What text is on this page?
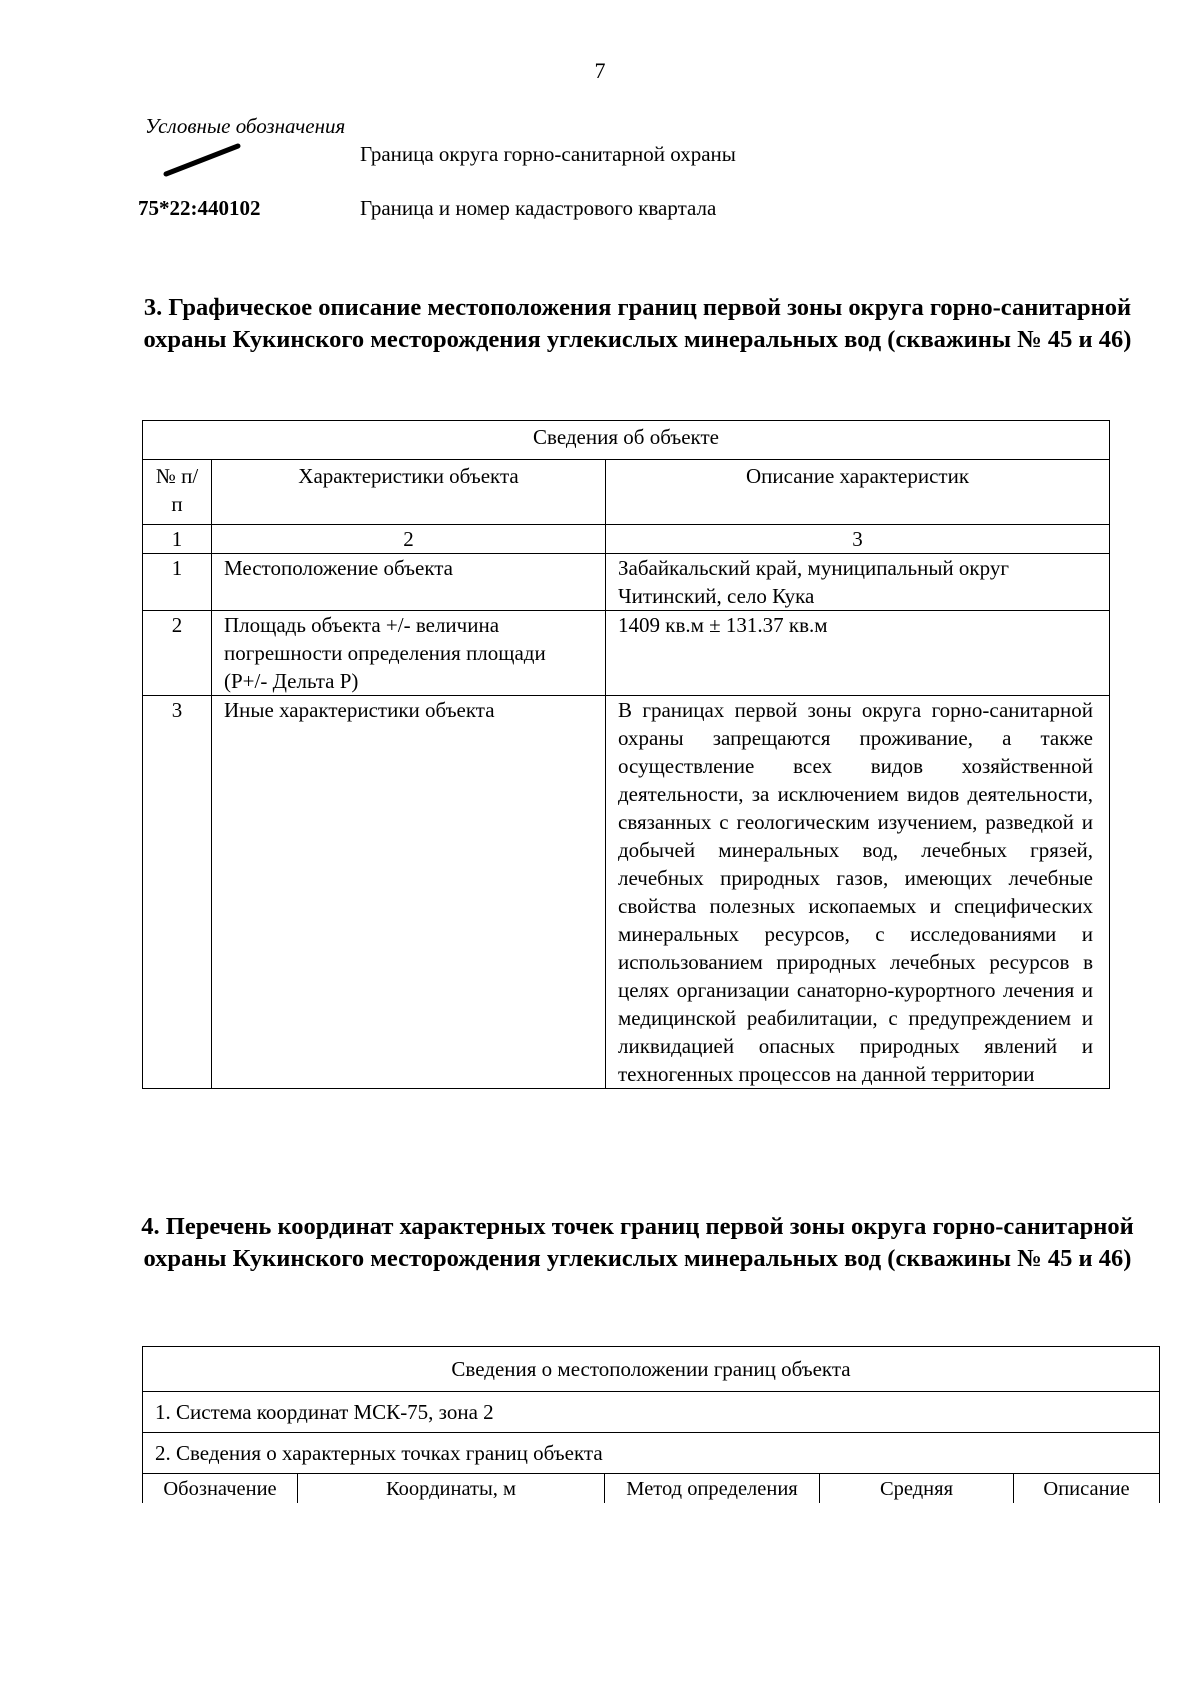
7
Условные обозначения
Граница округа горно-санитарной охраны
75*22:440102	Граница и номер кадастрового квартала
3. Графическое описание местоположения границ первой зоны округа горно-санитарной охраны Кукинского месторождения углекислых минеральных вод (скважины № 45 и 46)
Сведения об объекте		
№ п/п	Характеристики объекта	Описание характеристик
1	2	3
1	Местоположение объекта	Забайкальский край, муниципальный округ Читинский, село Кука
2	Площадь объекта +/- величина погрешности определения площади (Р+/- Дельта Р)	1409 кв.м ± 131.37 кв.м
3	Иные характеристики объекта	В границах первой зоны округа горно-санитарной охраны запрещаются проживание, а также осуществление всех видов хозяйственной деятельности, за исключением видов деятельности, связанных с геологическим изучением, разведкой и добычей минеральных вод, лечебных грязей, лечебных природных газов, имеющих лечебные свойства полезных ископаемых и специфических минеральных ресурсов, с исследованиями и использованием природных лечебных ресурсов в целях организации санаторно-курортного лечения и медицинской реабилитации, с предупреждением и ликвидацией опасных природных явлений и техногенных процессов на данной территории
4. Перечень координат характерных точек границ первой зоны округа горно-санитарной охраны Кукинского месторождения углекислых минеральных вод (скважины № 45 и 46)
Сведения о местоположении границ объекта
1. Система координат МСК-75, зона 2
2. Сведения о характерных точках границ объекта
Обозначение	Координаты, м	Метод определения	Средняя	Описание
